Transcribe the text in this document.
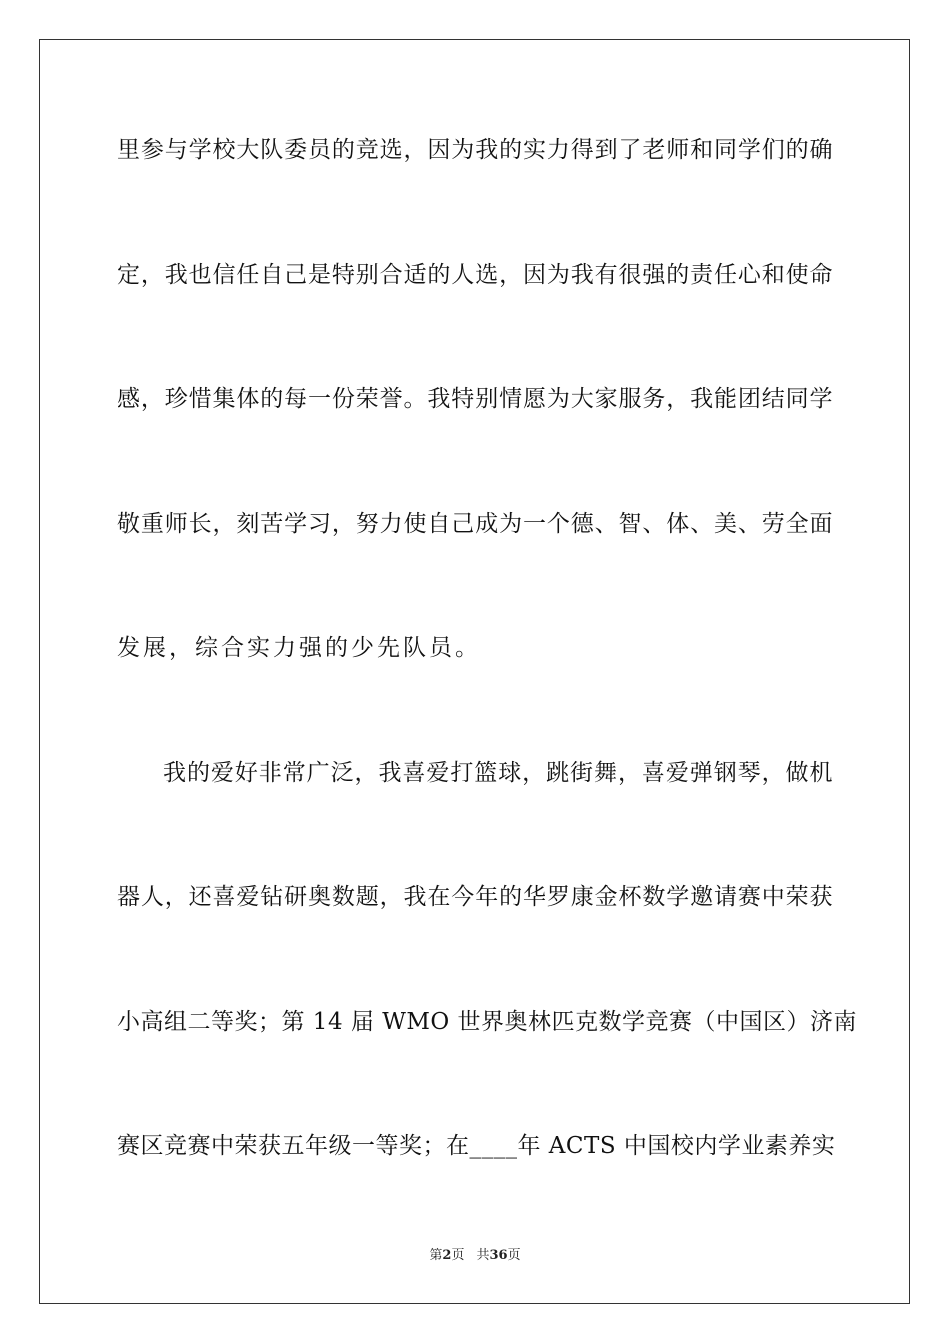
里参与学校大队委员的竞选，因为我的实力得到了老师和同学们的确
定，我也信任自己是特别合适的人选，因为我有很强的责任心和使命
感，珍惜集体的每一份荣誉。我特别情愿为大家服务，我能团结同学
敬重师长，刻苦学习，努力使自己成为一个德、智、体、美、劳全面
发展，综合实力强的少先队员。
我的爱好非常广泛，我喜爱打篮球，跳街舞，喜爱弹钢琴，做机
器人，还喜爱钻研奥数题，我在今年的华罗康金杯数学邀请赛中荣获
小高组二等奖；第 14 届 WMO 世界奥林匹克数学竞赛（中国区）济南
赛区竞赛中荣获五年级一等奖；在____年 ACTS 中国校内学业素养实
第2页 共36页
